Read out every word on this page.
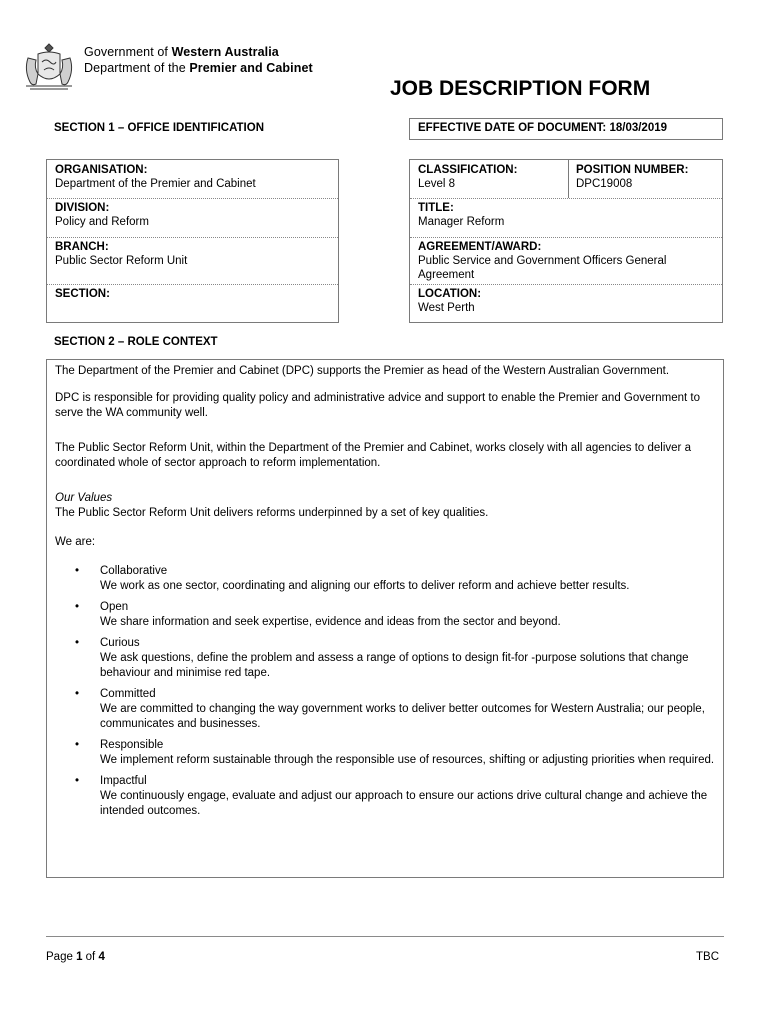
Government of Western Australia
Department of the Premier and Cabinet
JOB DESCRIPTION FORM
SECTION 1 – OFFICE IDENTIFICATION	EFFECTIVE DATE OF DOCUMENT: 18/03/2019
ORGANISATION:
Department of the Premier and Cabinet
DIVISION:
Policy and Reform
BRANCH:
Public Sector Reform Unit
SECTION:
CLASSIFICATION:
Level 8
POSITION NUMBER:
DPC19008
TITLE:
Manager Reform
AGREEMENT/AWARD:
Public Service and Government Officers General Agreement
LOCATION:
West Perth
SECTION 2 – ROLE CONTEXT

The Department of the Premier and Cabinet (DPC) supports the Premier as head of the Western Australian Government.

DPC is responsible for providing quality policy and administrative advice and support to enable the Premier and Government to serve the WA community well.

The Public Sector Reform Unit, within the Department of the Premier and Cabinet, works closely with all agencies to deliver a coordinated whole of sector approach to reform implementation.

Our Values
The Public Sector Reform Unit delivers reforms underpinned by a set of key qualities.

We are:

• Collaborative
We work as one sector, coordinating and aligning our efforts to deliver reform and achieve better results.
• Open
We share information and seek expertise, evidence and ideas from the sector and beyond.
• Curious
We ask questions, define the problem and assess a range of options to design fit-for -purpose solutions that change behaviour and minimise red tape.
• Committed
We are committed to changing the way government works to deliver better outcomes for Western Australia; our people, communicates and businesses.
• Responsible
We implement reform sustainable through the responsible use of resources, shifting or adjusting priorities when required.
• Impactful
We continuously engage, evaluate and adjust our approach to ensure our actions drive cultural change and achieve the intended outcomes.
Page 1 of 4	TBC
